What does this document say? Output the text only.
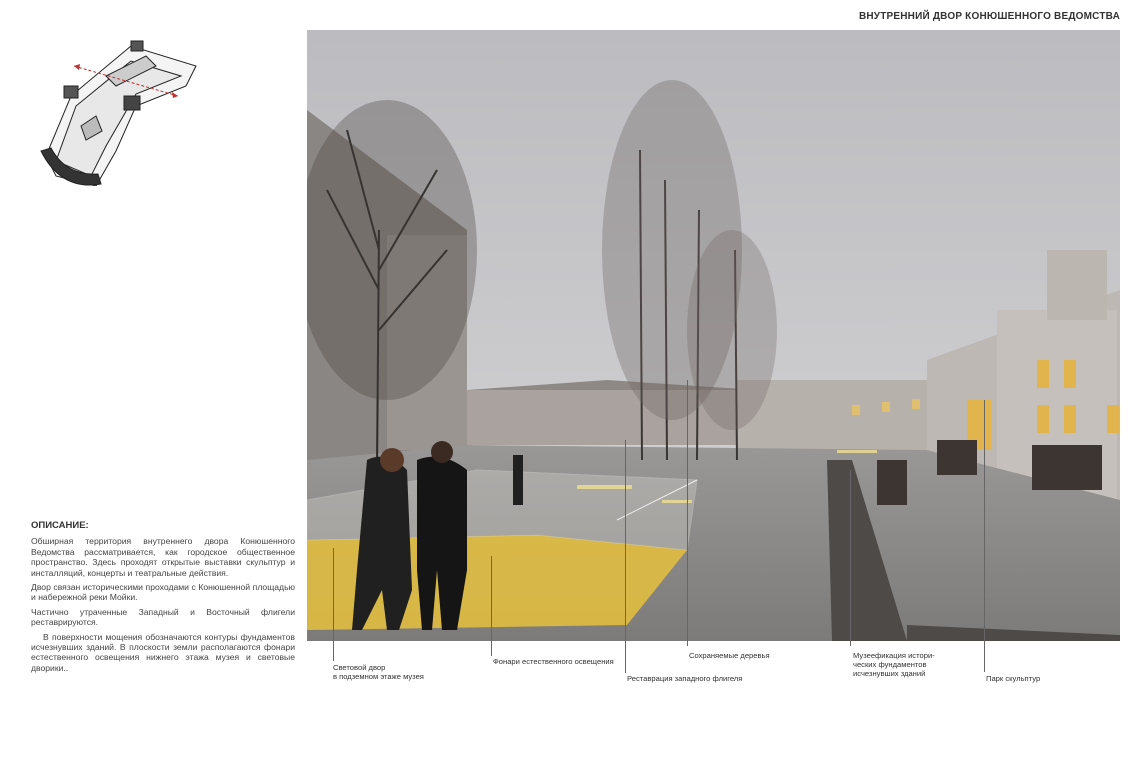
ВНУТРЕННИЙ ДВОР КОНЮШЕННОГО ВЕДОМСТВА
ОПИСАНИЕ:

Обширная территория внутреннего двора Конюшенного Ведомства рассматривается, как городское общественное пространство. Здесь проходят открытые выставки скульптур и инсталляций, концерты и театральные действия.

Двор связан историческими проходами с Конюшенной площадью и набережной реки Мойки.

Частично утраченные Западный и Восточный флигели реставрируются.

В поверхности мощения обозначаются контуры фундаментов исчезнувших зданий. В плоскости земли располагаются фонари естественного освещения нижнего этажа музея и световые дворики..	Световой двор
в подземном этаже музея
Фонари естественного освещения
Реставрация западного флигеля
Сохраняемые деревья	Музеефикация истори-
ческих фундаментов
исчезнувших зданий
Парк скульптур
